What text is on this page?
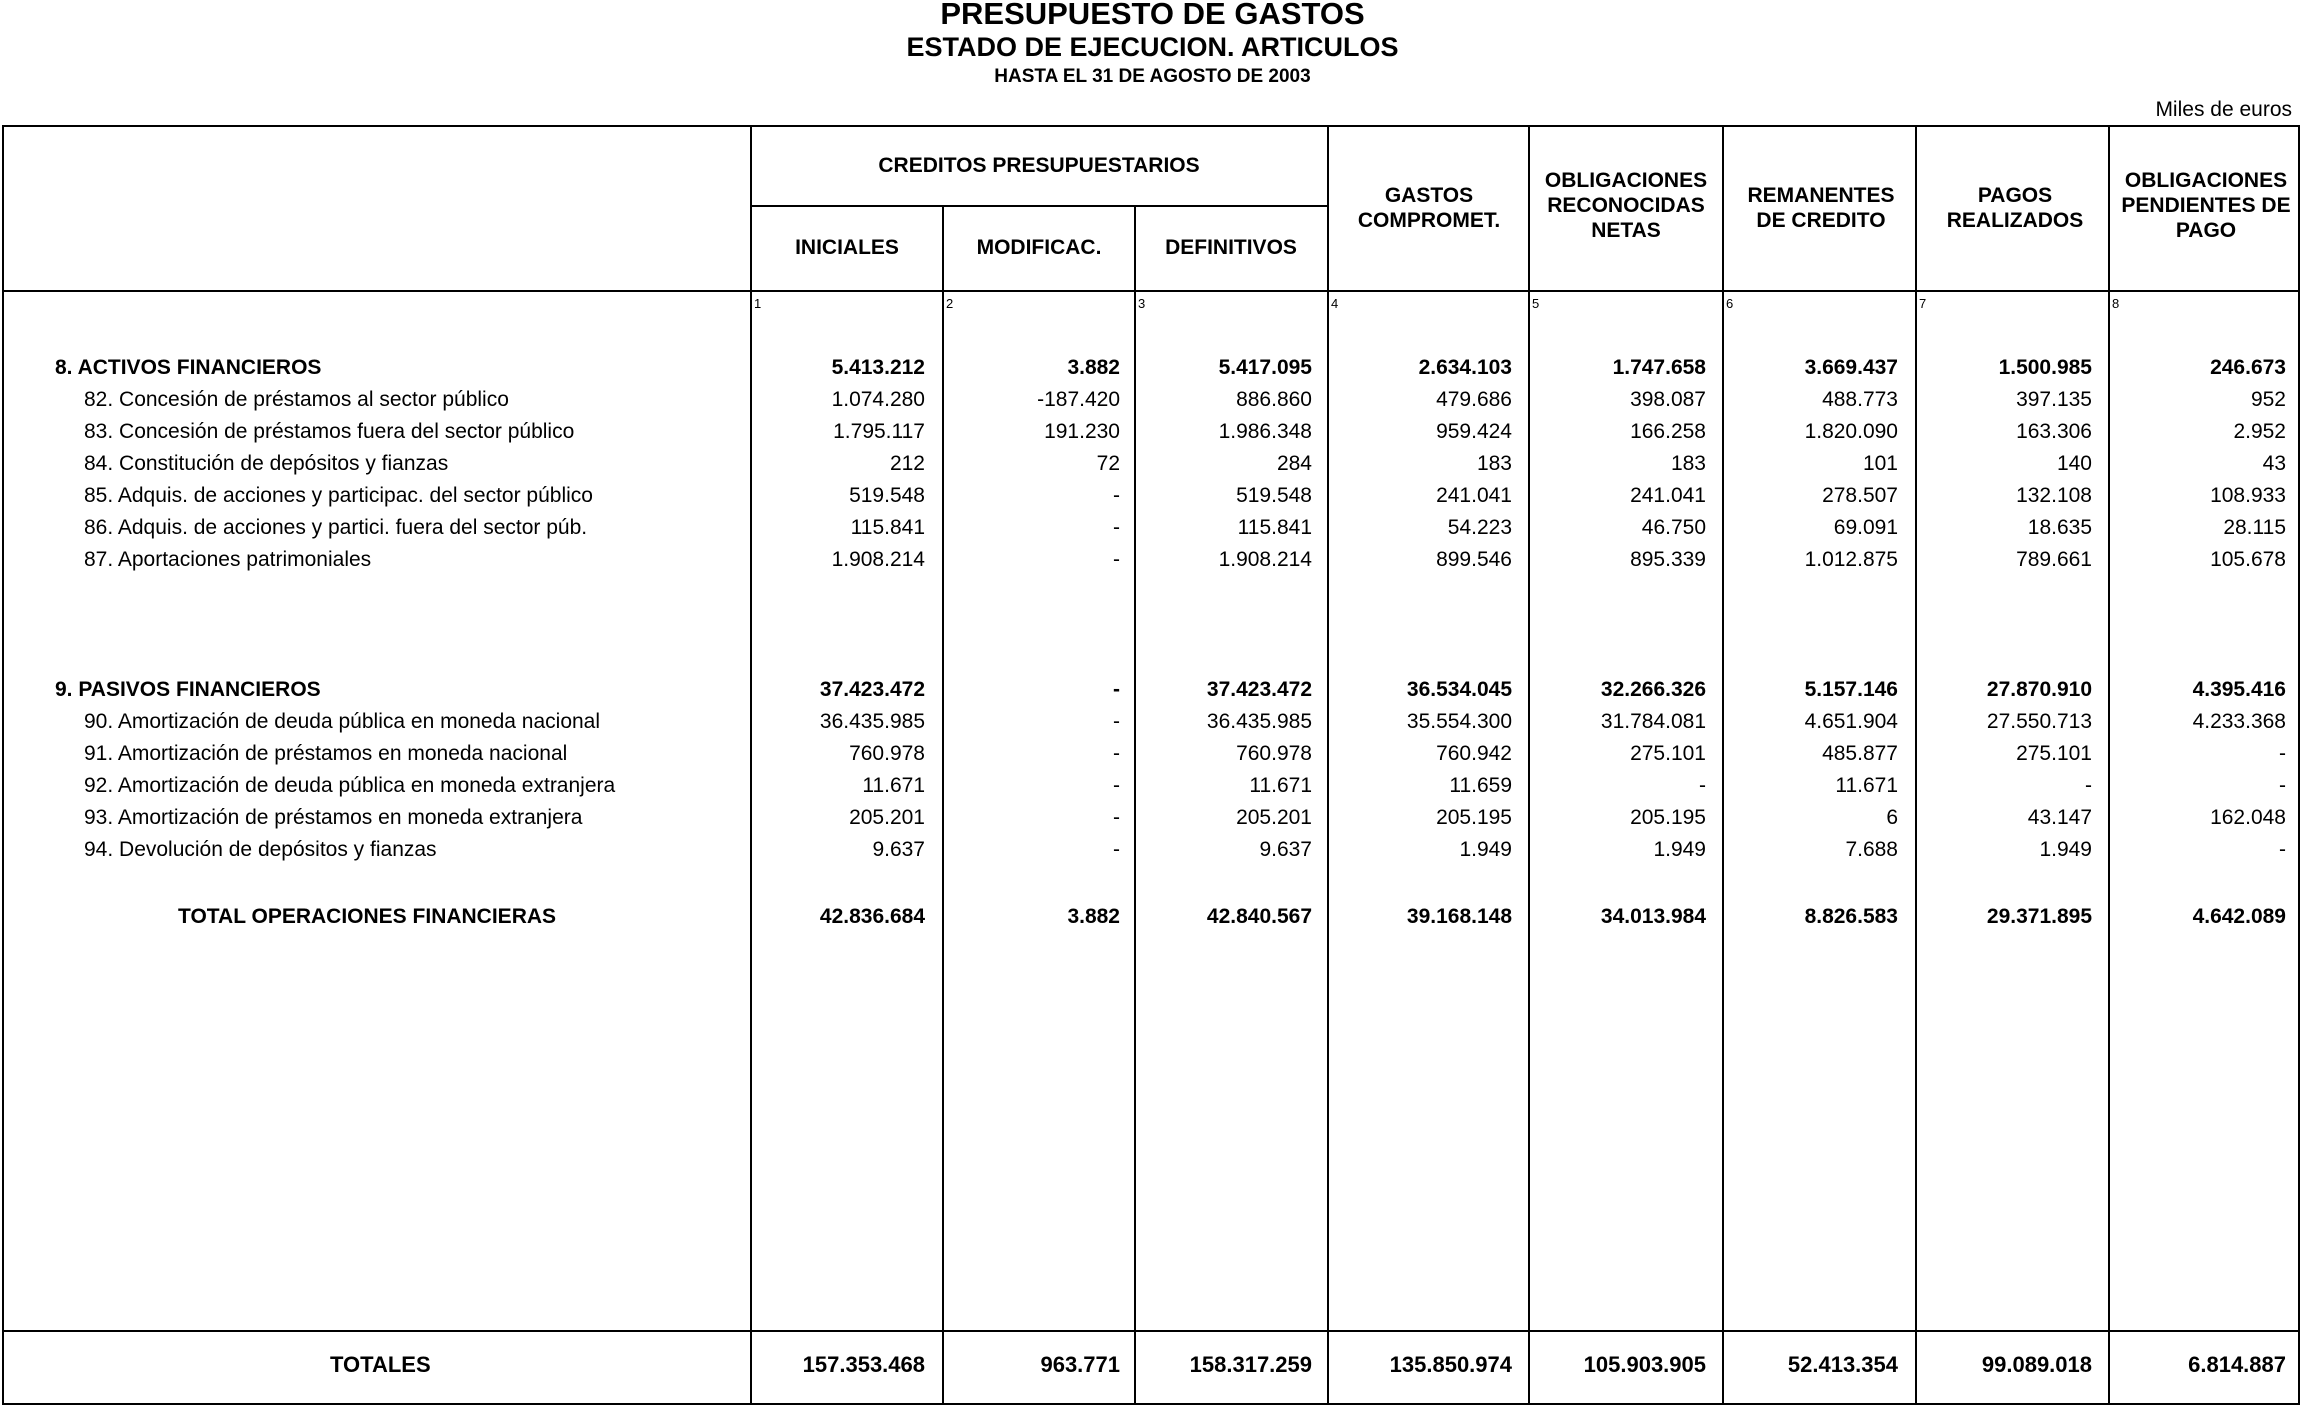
PRESUPUESTO DE GASTOS
ESTADO DE EJECUCION. ARTICULOS
HASTA EL 31 DE AGOSTO DE 2003
Miles de euros
CREDITOS PRESUPUESTARIOS
INICIALES	MODIFICAC.	DEFINITIVOS
GASTOS COMPROMET.
OBLIGACIONES RECONOCIDAS NETAS
REMANENTES DE CREDITO
PAGOS REALIZADOS
OBLIGACIONES PENDIENTES DE PAGO
1	2	3	4	5	6	7	8
8. ACTIVOS FINANCIEROS	5.413.212	3.882	5.417.095	2.634.103	1.747.658	3.669.437	1.500.985	246.673
82. Concesión de préstamos al sector público	1.074.280	-187.420	886.860	479.686	398.087	488.773	397.135	952
83. Concesión de préstamos fuera del sector público	1.795.117	191.230	1.986.348	959.424	166.258	1.820.090	163.306	2.952
84. Constitución de depósitos y fianzas	212	72	284	183	183	101	140	43
85. Adquis. de acciones y participac. del sector público	519.548	-	519.548	241.041	241.041	278.507	132.108	108.933
86. Adquis. de acciones y partici. fuera del sector púb.	115.841	-	115.841	54.223	46.750	69.091	18.635	28.115
87. Aportaciones patrimoniales	1.908.214	-	1.908.214	899.546	895.339	1.012.875	789.661	105.678
9. PASIVOS FINANCIEROS	37.423.472	-	37.423.472	36.534.045	32.266.326	5.157.146	27.870.910	4.395.416
90. Amortización de deuda pública en moneda nacional	36.435.985	-	36.435.985	35.554.300	31.784.081	4.651.904	27.550.713	4.233.368
91. Amortización de préstamos en moneda nacional	760.978	-	760.978	760.942	275.101	485.877	275.101	-
92. Amortización de deuda pública en moneda extranjera	11.671	-	11.671	11.659	-	11.671	-	-
93. Amortización de préstamos en moneda extranjera	205.201	-	205.201	205.195	205.195	6	43.147	162.048
94. Devolución de depósitos y fianzas	9.637	-	9.637	1.949	1.949	7.688	1.949	-
TOTAL OPERACIONES FINANCIERAS	42.836.684	3.882	42.840.567	39.168.148	34.013.984	8.826.583	29.371.895	4.642.089
TOTALES	157.353.468	963.771	158.317.259	135.850.974	105.903.905	52.413.354	99.089.018	6.814.887
